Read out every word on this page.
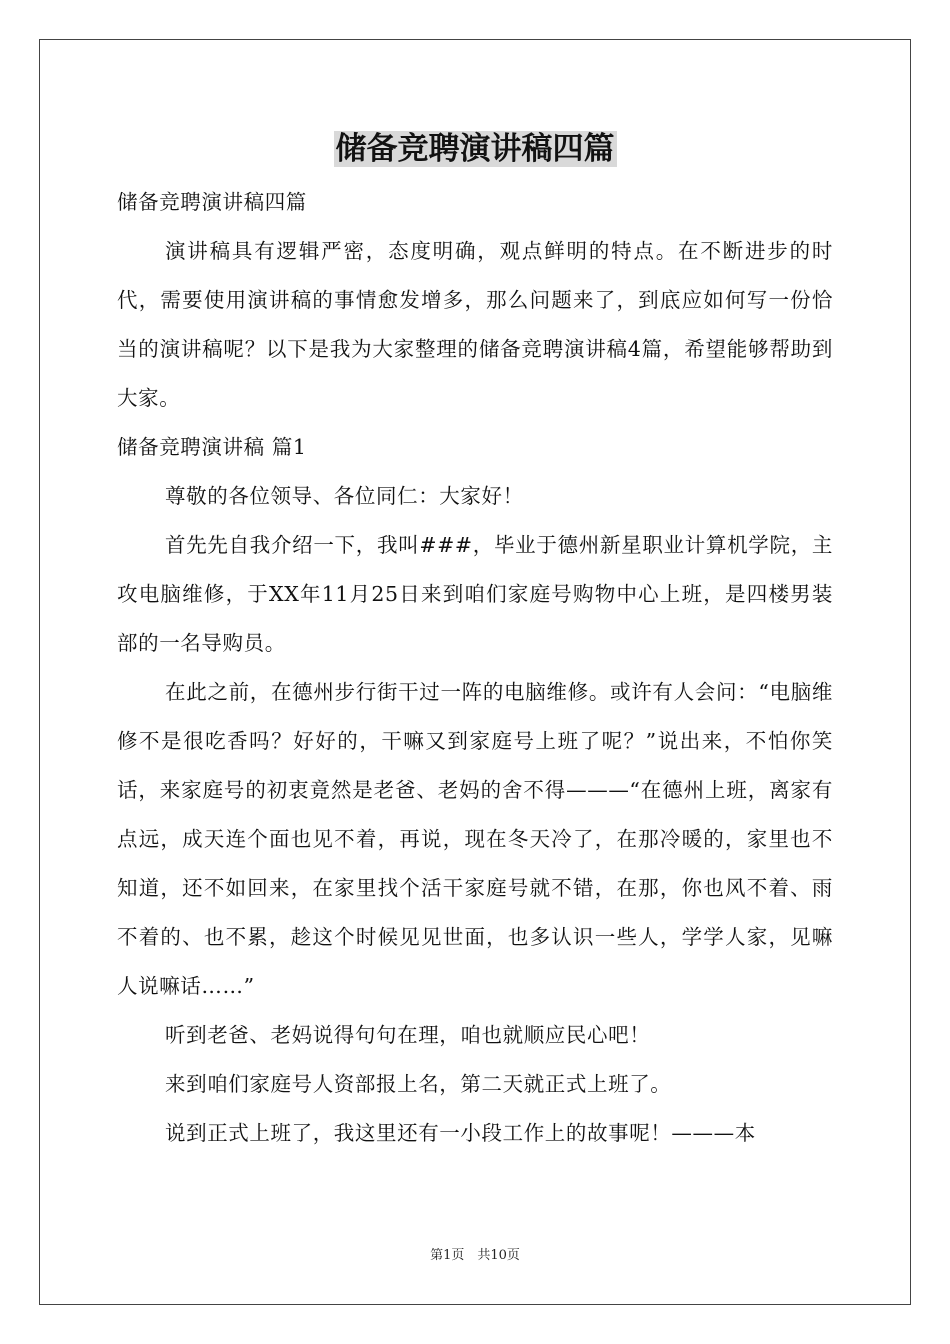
储备竞聘演讲稿四篇

储备竞聘演讲稿四篇

演讲稿具有逻辑严密，态度明确，观点鲜明的特点。在不断进步的时代，需要使用演讲稿的事情愈发增多，那么问题来了，到底应如何写一份恰当的演讲稿呢？以下是我为大家整理的储备竞聘演讲稿4篇，希望能够帮助到大家。

储备竞聘演讲稿 篇1

尊敬的各位领导、各位同仁：大家好！

首先先自我介绍一下，我叫###，毕业于德州新星职业计算机学院，主攻电脑维修，于XX年11月25日来到咱们家庭号购物中心上班，是四楼男装部的一名导购员。

在此之前，在德州步行街干过一阵的电脑维修。或许有人会问：“电脑维修不是很吃香吗？好好的，干嘛又到家庭号上班了呢？”说出来，不怕你笑话，来家庭号的初衷竟然是老爸、老妈的舍不得———“在德州上班，离家有点远，成天连个面也见不着，再说，现在冬天冷了，在那冷暖的，家里也不知道，还不如回来，在家里找个活干家庭号就不错，在那，你也风不着、雨不着的、也不累，趁这个时候见见世面，也多认识一些人，学学人家，见嘛人说嘛话……”

听到老爸、老妈说得句句在理，咱也就顺应民心吧！

来到咱们家庭号人资部报上名，第二天就正式上班了。

说到正式上班了，我这里还有一小段工作上的故事呢！———本

第1页　共10页
